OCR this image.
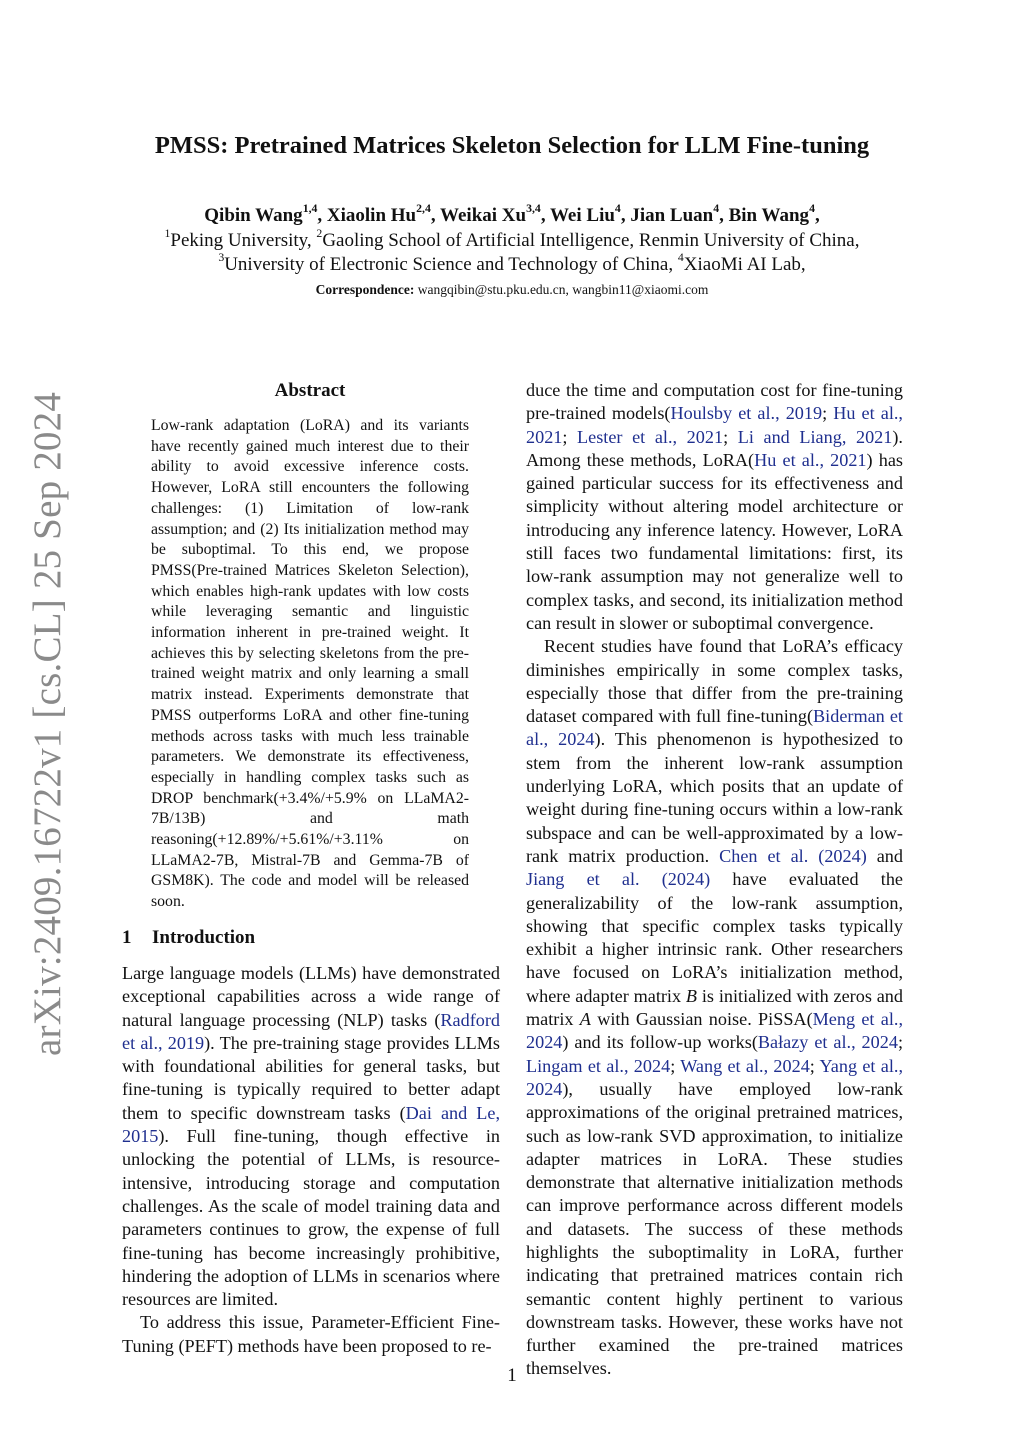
arXiv:2409.16722v1 [cs.CL] 25 Sep 2024
PMSS: Pretrained Matrices Skeleton Selection for LLM Fine-tuning
Qibin Wang$^{1,4}$, Xiaolin Hu$^{2,4}$, Weikai Xu$^{3,4}$, Wei Liu$^4$, Jian Luan$^4$, Bin Wang$^4$,
$^1$Peking University, $^2$Gaoling School of Artificial Intelligence, Renmin University of China,
$^3$University of Electronic Science and Technology of China, $^4$XiaoMi AI Lab,
Correspondence: wangqibin@stu.pku.edu.cn, wangbin11@xiaomi.com
Abstract

Low-rank adaptation (LoRA) and its variants have recently gained much interest due to their ability to avoid excessive inference costs. However, LoRA still encounters the following challenges: (1) Limitation of low-rank assumption; and (2) Its initialization method may be suboptimal. To this end, we propose PMSS(Pre-trained Matrices Skeleton Selection), which enables high-rank updates with low costs while leveraging semantic and linguistic information inherent in pre-trained weight. It achieves this by selecting skeletons from the pre-trained weight matrix and only learning a small matrix instead. Experiments demonstrate that PMSS outperforms LoRA and other fine-tuning methods across tasks with much less trainable parameters. We demonstrate its effectiveness, especially in handling complex tasks such as DROP benchmark(+3.4%/+5.9% on LLaMA2-7B/13B) and math reasoning(+12.89%/+5.61%/+3.11% on LLaMA2-7B, Mistral-7B and Gemma-7B of GSM8K). The code and model will be released soon.

1 Introduction

Large language models (LLMs) have demonstrated exceptional capabilities across a wide range of natural language processing (NLP) tasks (Radford et al., 2019). The pre-training stage provides LLMs with foundational abilities for general tasks, but fine-tuning is typically required to better adapt them to specific downstream tasks (Dai and Le, 2015). Full fine-tuning, though effective in unlocking the potential of LLMs, is resource-intensive, introducing storage and computation challenges. As the scale of model training data and parameters continues to grow, the expense of full fine-tuning has become increasingly prohibitive, hindering the adoption of LLMs in scenarios where resources are limited.

To address this issue, Parameter-Efficient Fine-Tuning (PEFT) methods have been proposed to re-

duce the time and computation cost for fine-tuning pre-trained models(Houlsby et al., 2019; Hu et al., 2021; Lester et al., 2021; Li and Liang, 2021). Among these methods, LoRA(Hu et al., 2021) has gained particular success for its effectiveness and simplicity without altering model architecture or introducing any inference latency. However, LoRA still faces two fundamental limitations: first, its low-rank assumption may not generalize well to complex tasks, and second, its initialization method can result in slower or suboptimal convergence.

Recent studies have found that LoRA’s efficacy diminishes empirically in some complex tasks, especially those that differ from the pre-training dataset compared with full fine-tuning(Biderman et al., 2024). This phenomenon is hypothesized to stem from the inherent low-rank assumption underlying LoRA, which posits that an update of weight during fine-tuning occurs within a low-rank subspace and can be well-approximated by a low-rank matrix production. Chen et al. (2024) and Jiang et al. (2024) have evaluated the generalizability of the low-rank assumption, showing that specific complex tasks typically exhibit a higher intrinsic rank. Other researchers have focused on LoRA’s initialization method, where adapter matrix B is initialized with zeros and matrix A with Gaussian noise. PiSSA(Meng et al., 2024) and its follow-up works(Bałazy et al., 2024; Lingam et al., 2024; Wang et al., 2024; Yang et al., 2024), usually have employed low-rank approximations of the original pretrained matrices, such as low-rank SVD approximation, to initialize adapter matrices in LoRA. These studies demonstrate that alternative initialization methods can improve performance across different models and datasets. The success of these methods highlights the suboptimality in LoRA, further indicating that pretrained matrices contain rich semantic content highly pertinent to various downstream tasks. However, these works have not further examined the pre-trained matrices themselves.

1
